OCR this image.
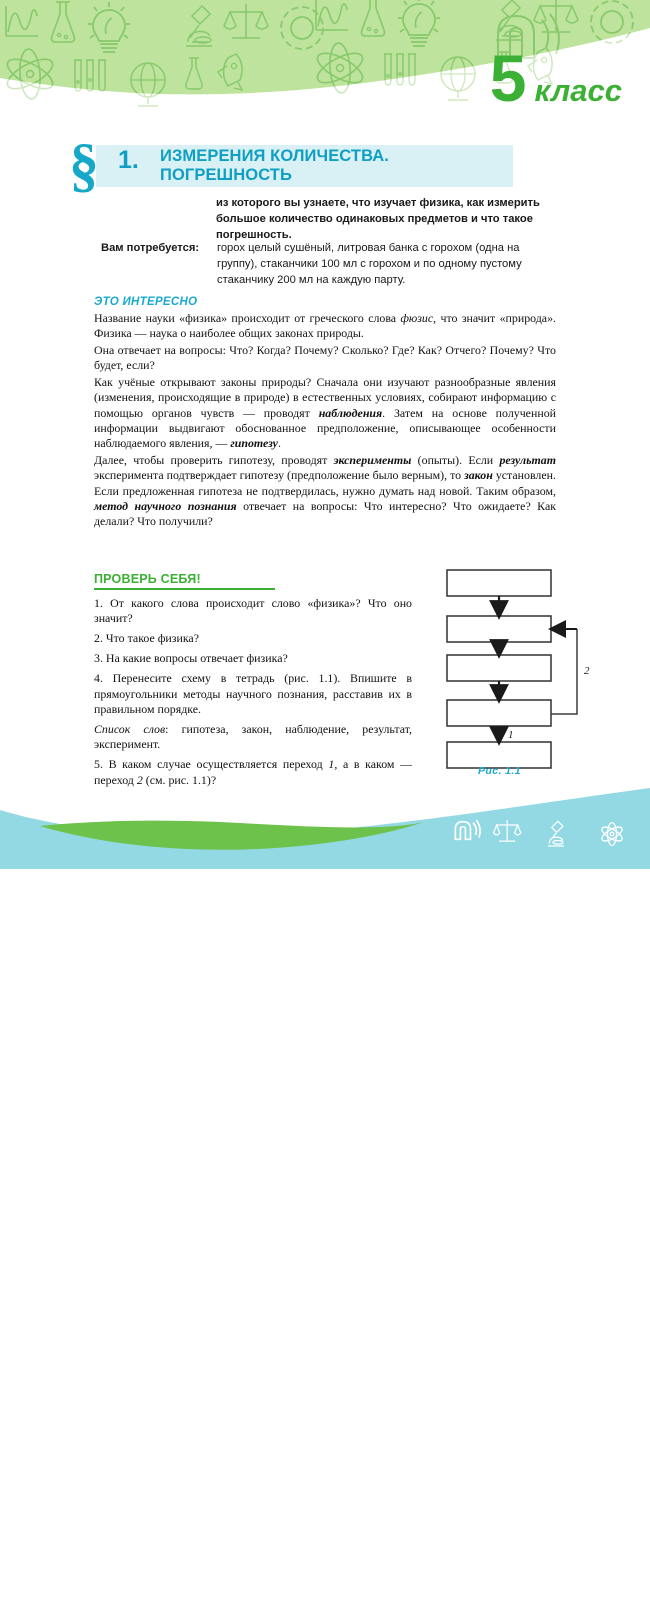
5 класс
§ 1. ИЗМЕРЕНИЯ КОЛИЧЕСТВА. ПОГРЕШНОСТЬ
из которого вы узнаете, что изучает физика, как измерить большое количество одинаковых предметов и что такое погрешность.
Вам потребуется:	горох целый сушёный, литровая банка с горохом (одна на группу), стаканчики 100 мл с горохом и по одному пустому стаканчику 200 мл на каждую парту.
ЭТО ИНТЕРЕСНО

Название науки «физика» происходит от греческого слова фюзис, что значит «природа». Физика — наука о наиболее общих законах природы.

Она отвечает на вопросы: Что? Когда? Почему? Сколько? Где? Как? Отчего? Почему? Что будет, если?

Как учёные открывают законы природы? Сначала они изучают разнообразные явления (изменения, происходящие в природе) в естественных условиях, собирают информацию с помощью органов чувств — проводят наблюдения. Затем на основе полученной информации выдвигают обоснованное предположение, описывающее особенности наблюдаемого явления, — гипотезу.

Далее, чтобы проверить гипотезу, проводят эксперименты (опыты). Если результат эксперимента подтверждает гипотезу (предположение было верным), то закон установлен. Если предложенная гипотеза не подтвердилась, нужно думать над новой. Таким образом, метод научного познания отвечает на вопросы: Что интересно? Что ожидаете? Как делали? Что получили?

ПРОВЕРЬ СЕБЯ!

1. От какого слова происходит слово «физика»? Что оно значит?

2. Что такое физика?

3. На какие вопросы отвечает физика?

4. Перенесите схему в тетрадь (рис. 1.1). Впишите в прямоугольники методы научного познания, расставив их в правильном порядке.

Список слов: гипотеза, закон, наблюдение, результат, эксперимент.

5. В каком случае осуществляется переход 1, а в каком — переход 2 (см. рис. 1.1)?

2
1
Рис. 1.1
4
